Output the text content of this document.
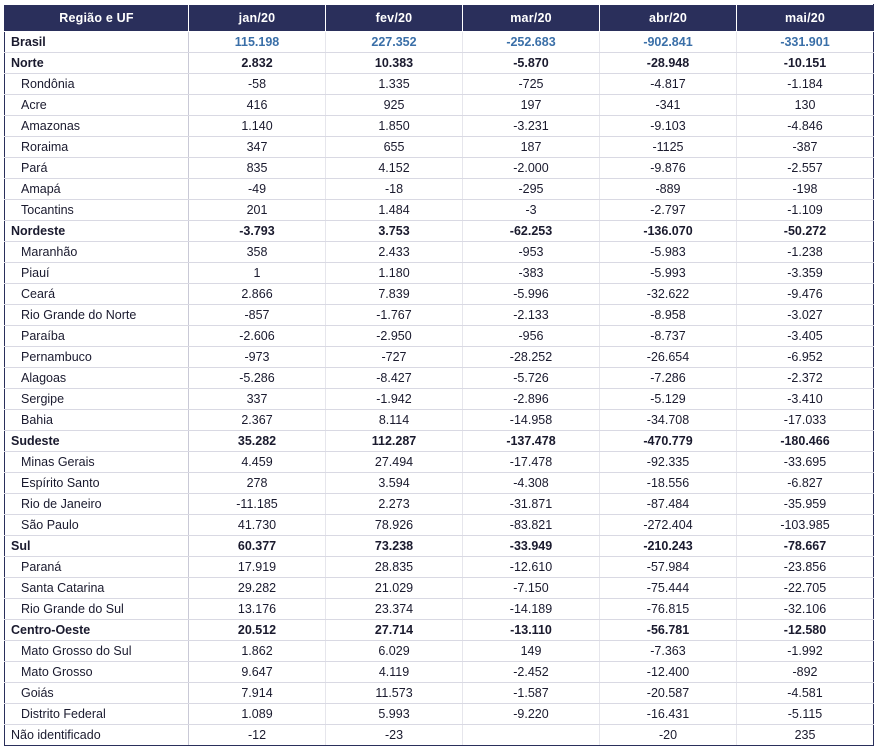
Região e UF	jan/20	fev/20	mar/20	abr/20	mai/20
Brasil	115.198	227.352	-252.683	-902.841	-331.901
Norte	2.832	10.383	-5.870	-28.948	-10.151
Rondônia	-58	1.335	-725	-4.817	-1.184
Acre	416	925	197	-341	130
Amazonas	1.140	1.850	-3.231	-9.103	-4.846
Roraima	347	655	187	-1125	-387
Pará	835	4.152	-2.000	-9.876	-2.557
Amapá	-49	-18	-295	-889	-198
Tocantins	201	1.484	-3	-2.797	-1.109
Nordeste	-3.793	3.753	-62.253	-136.070	-50.272
Maranhão	358	2.433	-953	-5.983	-1.238
Piauí	1	1.180	-383	-5.993	-3.359
Ceará	2.866	7.839	-5.996	-32.622	-9.476
Rio Grande do Norte	-857	-1.767	-2.133	-8.958	-3.027
Paraíba	-2.606	-2.950	-956	-8.737	-3.405
Pernambuco	-973	-727	-28.252	-26.654	-6.952
Alagoas	-5.286	-8.427	-5.726	-7.286	-2.372
Sergipe	337	-1.942	-2.896	-5.129	-3.410
Bahia	2.367	8.114	-14.958	-34.708	-17.033
Sudeste	35.282	112.287	-137.478	-470.779	-180.466
Minas Gerais	4.459	27.494	-17.478	-92.335	-33.695
Espírito Santo	278	3.594	-4.308	-18.556	-6.827
Rio de Janeiro	-11.185	2.273	-31.871	-87.484	-35.959
São Paulo	41.730	78.926	-83.821	-272.404	-103.985
Sul	60.377	73.238	-33.949	-210.243	-78.667
Paraná	17.919	28.835	-12.610	-57.984	-23.856
Santa Catarina	29.282	21.029	-7.150	-75.444	-22.705
Rio Grande do Sul	13.176	23.374	-14.189	-76.815	-32.106
Centro-Oeste	20.512	27.714	-13.110	-56.781	-12.580
Mato Grosso do Sul	1.862	6.029	149	-7.363	-1.992
Mato Grosso	9.647	4.119	-2.452	-12.400	-892
Goiás	7.914	11.573	-1.587	-20.587	-4.581
Distrito Federal	1.089	5.993	-9.220	-16.431	-5.115
Não identificado	-12	-23		-20	235
